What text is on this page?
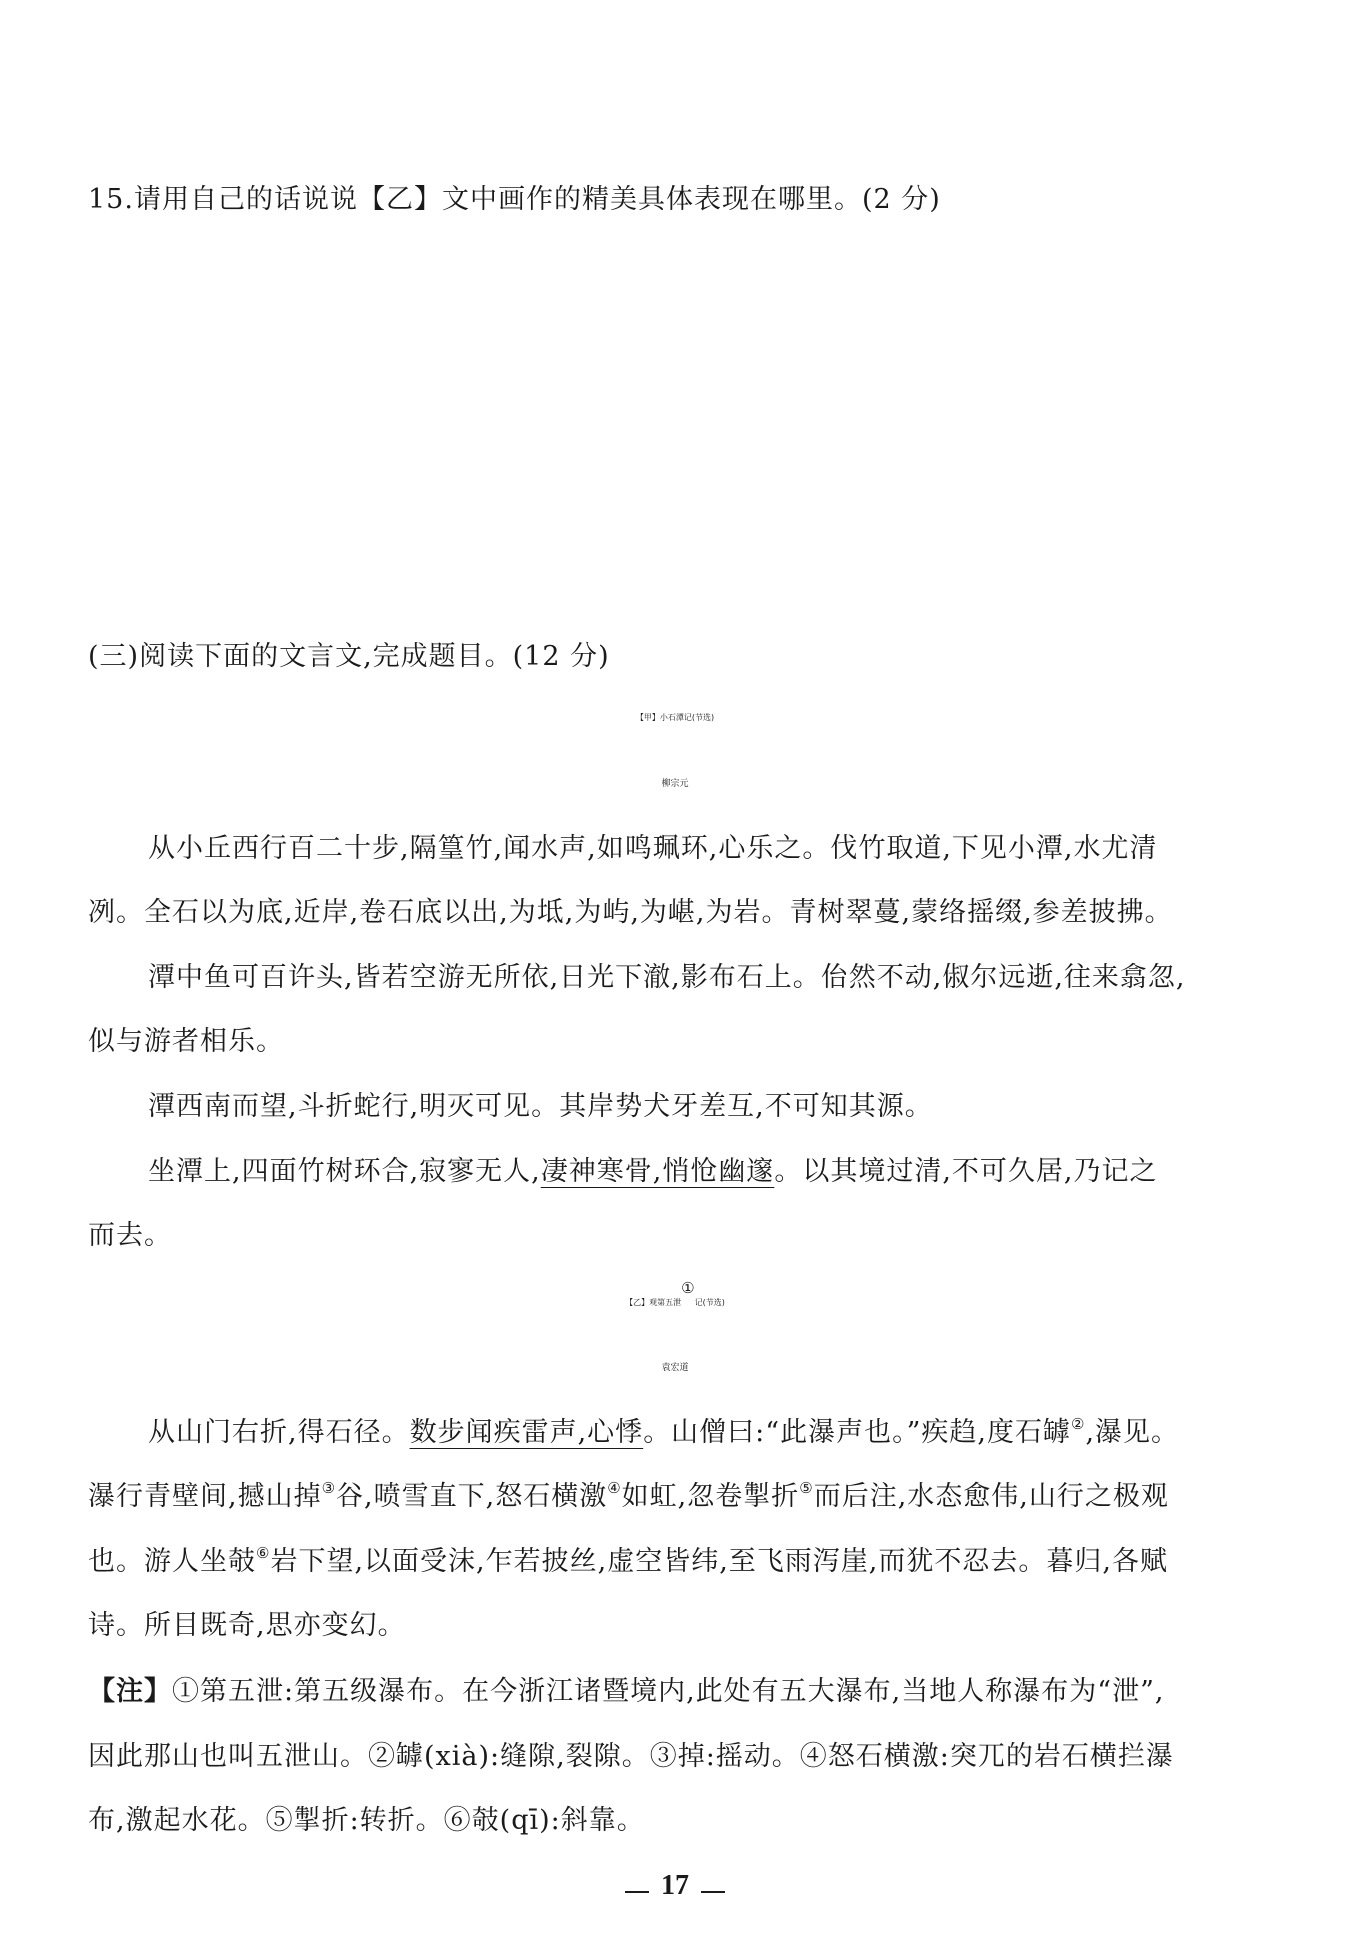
15.请用自己的话说说【乙】文中画作的精美具体表现在哪里。(2 分)
(三)阅读下面的文言文,完成题目。(12 分)
【甲】小石潭记(节选)
柳宗元
从小丘西行百二十步,隔篁竹,闻水声,如鸣珮环,心乐之。伐竹取道,下见小潭,水尤清
冽。全石以为底,近岸,卷石底以出,为坻,为屿,为嵁,为岩。青树翠蔓,蒙络摇缀,参差披拂。
潭中鱼可百许头,皆若空游无所依,日光下澈,影布石上。佁然不动,俶尔远逝,往来翕忽,
似与游者相乐。
潭西南而望,斗折蛇行,明灭可见。其岸势犬牙差互,不可知其源。
坐潭上,四面竹树环合,寂寥无人,凄神寒骨,悄怆幽邃。以其境过清,不可久居,乃记之
而去。
【乙】观第五泄①记(节选)
袁宏道
从山门右折,得石径。数步闻疾雷声,心悸。山僧曰:“此瀑声也。”疾趋,度石罅②,瀑见。
瀑行青壁间,撼山掉③谷,喷雪直下,怒石横激④如虹,忽卷掣折⑤而后注,水态愈伟,山行之极观
也。游人坐攲⑥岩下望,以面受沫,乍若披丝,虚空皆纬,至飞雨泻崖,而犹不忍去。暮归,各赋
诗。所目既奇,思亦变幻。
【注】①第五泄:第五级瀑布。在今浙江诸暨境内,此处有五大瀑布,当地人称瀑布为“泄”,
因此那山也叫五泄山。②罅(xià):缝隙,裂隙。③掉:摇动。④怒石横激:突兀的岩石横拦瀑
布,激起水花。⑤掣折:转折。⑥攲(qī):斜靠。
17
